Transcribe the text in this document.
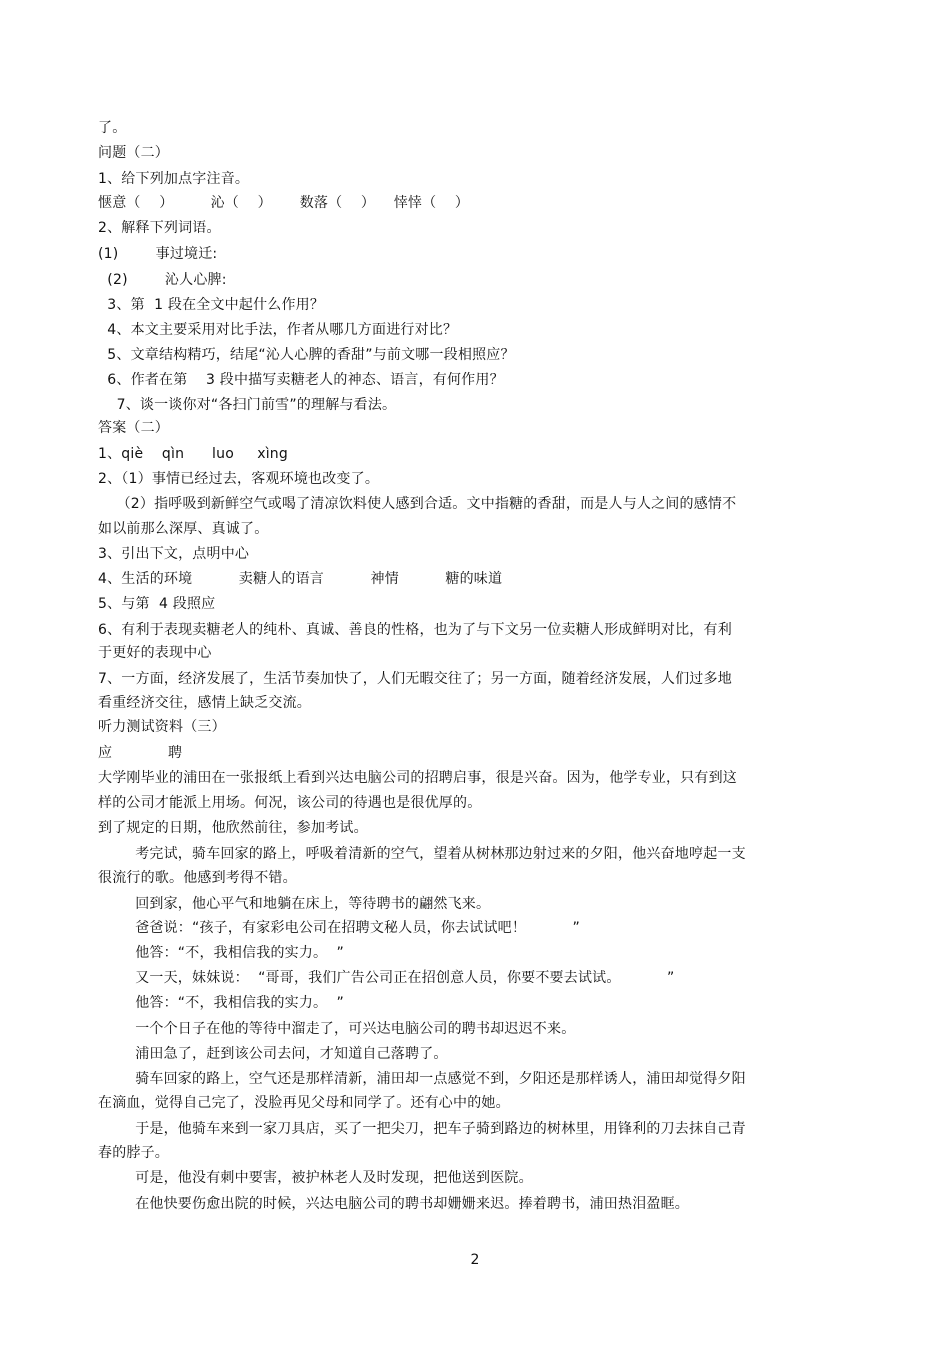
了。
问题（二）
1、给下列加点字注音。
惬意（    ）        沁（    ）      数落（    ）    悻悻（    ）
2、解释下列词语。
(1)        事过境迁:
(2)        沁人心脾:
3、第  1 段在全文中起什么作用？
4、本文主要采用对比手法，作者从哪几方面进行对比？
5、文章结构精巧，结尾“沁人心脾的香甜”与前文哪一段相照应？
6、作者在第    3 段中描写卖糖老人的神态、语言，有何作用？
7、谈一谈你对“各扫门前雪”的理解与看法。
答案（二）
1、qiè    qìn      luo     xìng
2、（1）事情已经过去，客观环境也改变了。
（2）指呼吸到新鲜空气或喝了清凉饮料使人感到合适。文中指糖的香甜，而是人与人之间的感情不
如以前那么深厚、真诚了。
3、引出下文，点明中心
4、生活的环境          卖糖人的语言          神情          糖的味道
5、与第  4 段照应
6、有利于表现卖糖老人的纯朴、真诚、善良的性格，也为了与下文另一位卖糖人形成鲜明对比，有利
于更好的表现中心
7、一方面，经济发展了，生活节奏加快了，人们无暇交往了；另一方面，随着经济发展，人们过多地
看重经济交往，感情上缺乏交流。
听力测试资料（三）
应            聘
大学刚毕业的浦田在一张报纸上看到兴达电脑公司的招聘启事，很是兴奋。因为，他学专业，只有到这
样的公司才能派上用场。何况，该公司的待遇也是很优厚的。
到了规定的日期，他欣然前往，参加考试。
考完试，骑车回家的路上，呼吸着清新的空气，望着从树林那边射过来的夕阳，他兴奋地哼起一支
很流行的歌。他感到考得不错。
回到家，他心平气和地躺在床上，等待聘书的翩然飞来。
爸爸说：“孩子，有家彩电公司在招聘文秘人员，你去试试吧！          ”
他答：“不，我相信我的实力。  ”
又一天，妹妹说：  “哥哥，我们广告公司正在招创意人员，你要不要去试试。          ”
他答：“不，我相信我的实力。  ”
一个个日子在他的等待中溜走了，可兴达电脑公司的聘书却迟迟不来。
浦田急了，赶到该公司去问，才知道自己落聘了。
骑车回家的路上，空气还是那样清新，浦田却一点感觉不到，夕阳还是那样诱人，浦田却觉得夕阳
在滴血，觉得自己完了，没脸再见父母和同学了。还有心中的她。
于是，他骑车来到一家刀具店，买了一把尖刀，把车子骑到路边的树林里，用锋利的刀去抹自己青
春的脖子。
可是，他没有刺中要害，被护林老人及时发现，把他送到医院。
在他快要伤愈出院的时候，兴达电脑公司的聘书却姗姗来迟。捧着聘书，浦田热泪盈眶。
2
